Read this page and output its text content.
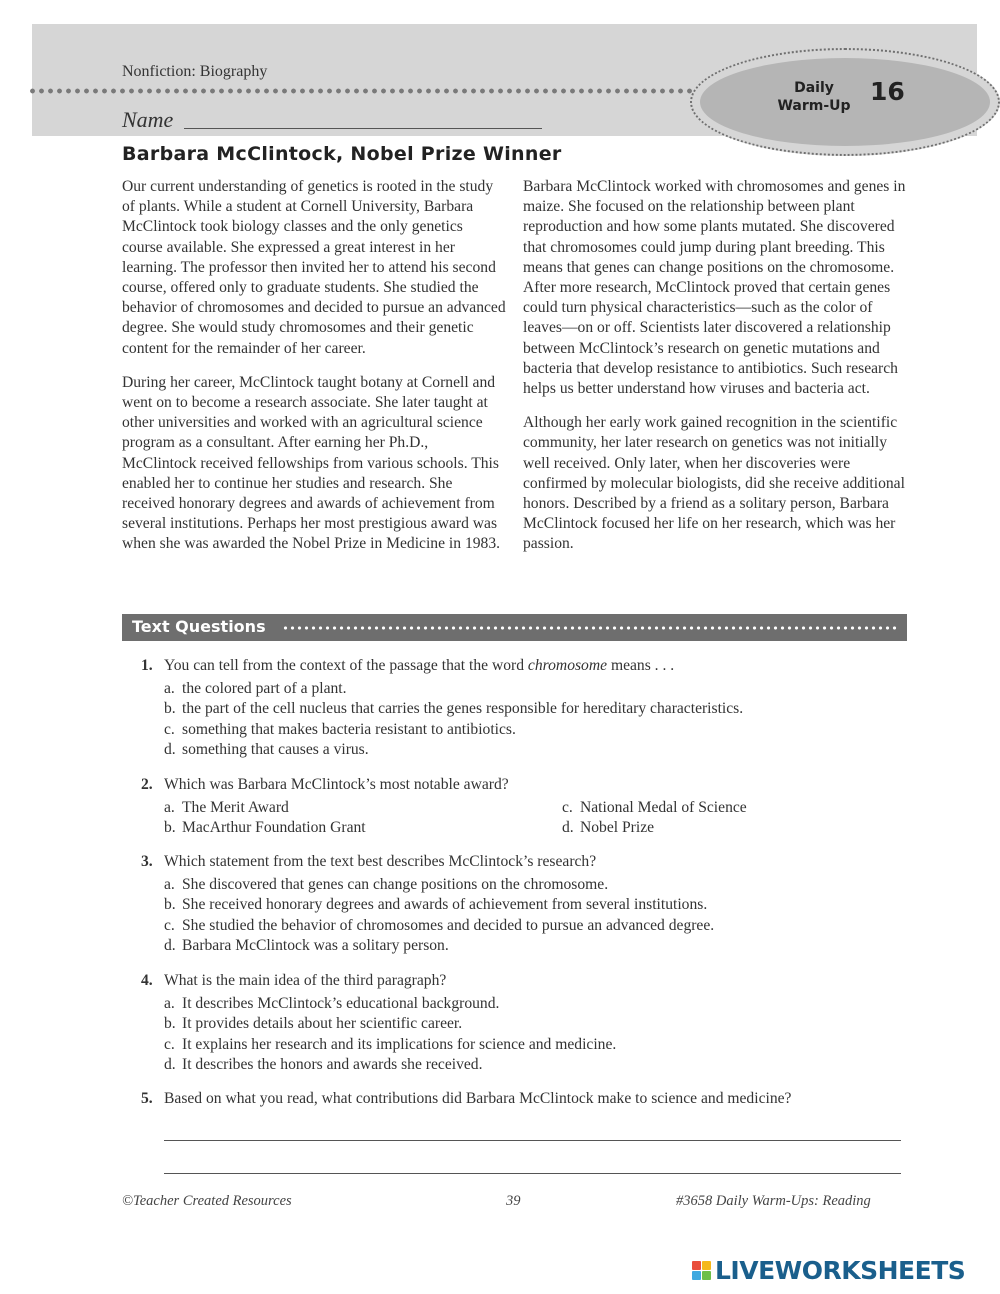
Nonfiction: Biography
Daily
Warm-Up 16
Name
Barbara McClintock, Nobel Prize Winner

Our current understanding of genetics is rooted in the study of plants. While a student at Cornell University, Barbara McClintock took biology classes and the only genetics course available. She expressed a great interest in her learning. The professor then invited her to attend his second course, offered only to graduate students. She studied the behavior of chromosomes and decided to pursue an advanced degree. She would study chromosomes and their genetic content for the remainder of her career.

During her career, McClintock taught botany at Cornell and went on to become a research associate. She later taught at other universities and worked with an agricultural science program as a consultant. After earning her Ph.D., McClintock received fellowships from various schools. This enabled her to continue her studies and research. She received honorary degrees and awards of achievement from several institutions. Perhaps her most prestigious award was when she was awarded the Nobel Prize in Medicine in 1983.

Barbara McClintock worked with chromosomes and genes in maize. She focused on the relationship between plant reproduction and how some plants mutated. She discovered that chromosomes could jump during plant breeding. This means that genes can change positions on the chromosome. After more research, McClintock proved that certain genes could turn physical characteristics—such as the color of leaves—on or off. Scientists later discovered a relationship between McClintock’s research on genetic mutations and bacteria that develop resistance to antibiotics. Such research helps us better understand how viruses and bacteria act.

Although her early work gained recognition in the scientific community, her later research on genetics was not initially well received. Only later, when her discoveries were confirmed by molecular biologists, did she receive additional honors. Described by a friend as a solitary person, Barbara McClintock focused her life on her research, which was her passion.

Text Questions
1. You can tell from the context of the passage that the word chromosome means . . .
a. the colored part of a plant.
b. the part of the cell nucleus that carries the genes responsible for hereditary characteristics.
c. something that makes bacteria resistant to antibiotics.
d. something that causes a virus.
2. Which was Barbara McClintock’s most notable award?
a. The Merit Award	c. National Medal of Science
b. MacArthur Foundation Grant	d. Nobel Prize
3. Which statement from the text best describes McClintock’s research?
a. She discovered that genes can change positions on the chromosome.
b. She received honorary degrees and awards of achievement from several institutions.
c. She studied the behavior of chromosomes and decided to pursue an advanced degree.
d. Barbara McClintock was a solitary person.
4. What is the main idea of the third paragraph?
a. It describes McClintock’s educational background.
b. It provides details about her scientific career.
c. It explains her research and its implications for science and medicine.
d. It describes the honors and awards she received.
5. Based on what you read, what contributions did Barbara McClintock make to science and medicine?
©Teacher Created Resources	39	#3658 Daily Warm-Ups: Reading
LIVEWORKSHEETS
